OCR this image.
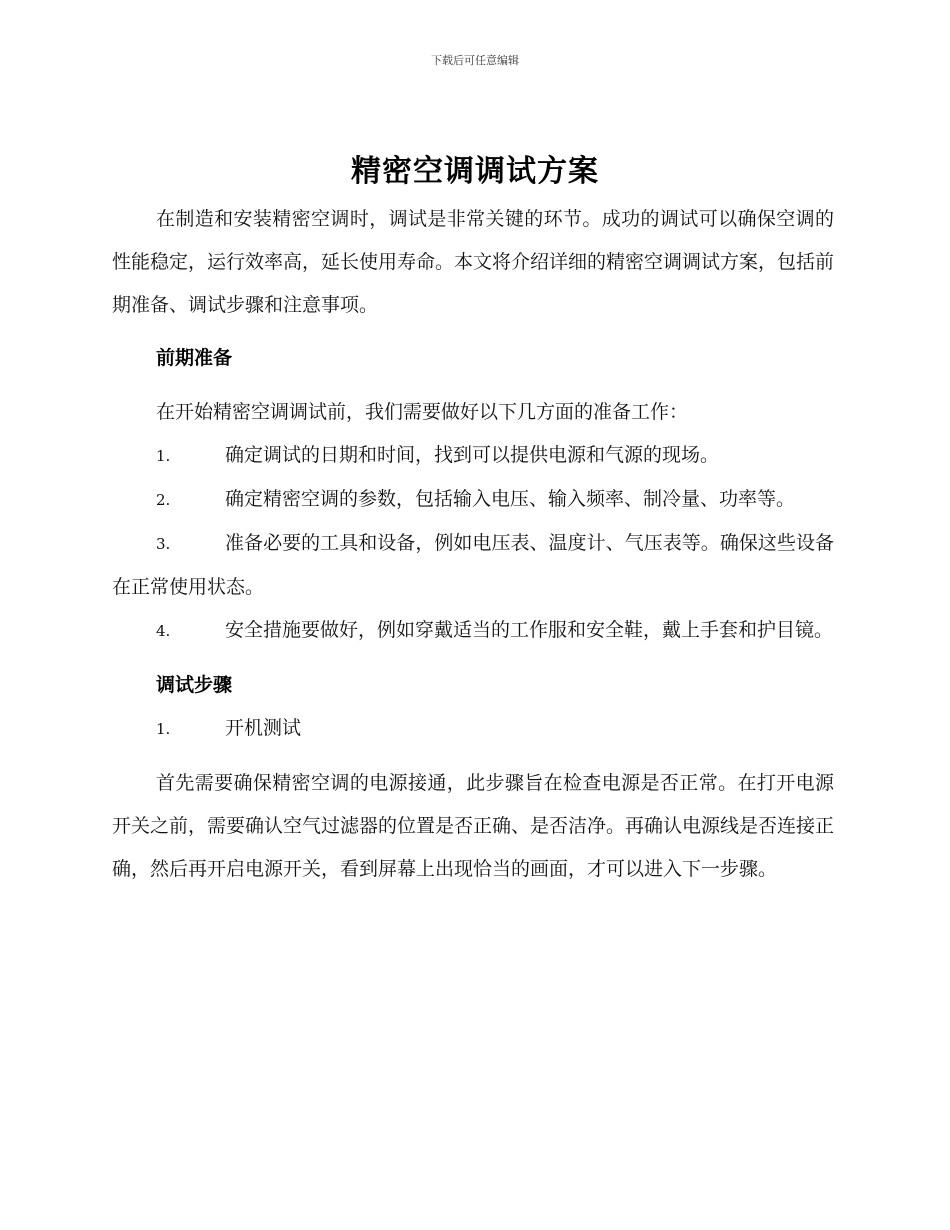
下载后可任意编辑
精密空调调试方案

在制造和安装精密空调时，调试是非常关键的环节。成功的调试可以确保空调的性能稳定，运行效率高，延长使用寿命。本文将介绍详细的精密空调调试方案，包括前期准备、调试步骤和注意事项。

前期准备

在开始精密空调调试前，我们需要做好以下几方面的准备工作：

1.	确定调试的日期和时间，找到可以提供电源和气源的现场。

2.	确定精密空调的参数，包括输入电压、输入频率、制冷量、功率等。

3.	准备必要的工具和设备，例如电压表、温度计、气压表等。确保这些设备在正常使用状态。

4.	安全措施要做好，例如穿戴适当的工作服和安全鞋，戴上手套和护目镜。

调试步骤

1.	开机测试

首先需要确保精密空调的电源接通，此步骤旨在检查电源是否正常。在打开电源开关之前，需要确认空气过滤器的位置是否正确、是否洁净。再确认电源线是否连接正确，然后再开启电源开关，看到屏幕上出现恰当的画面，才可以进入下一步骤。
